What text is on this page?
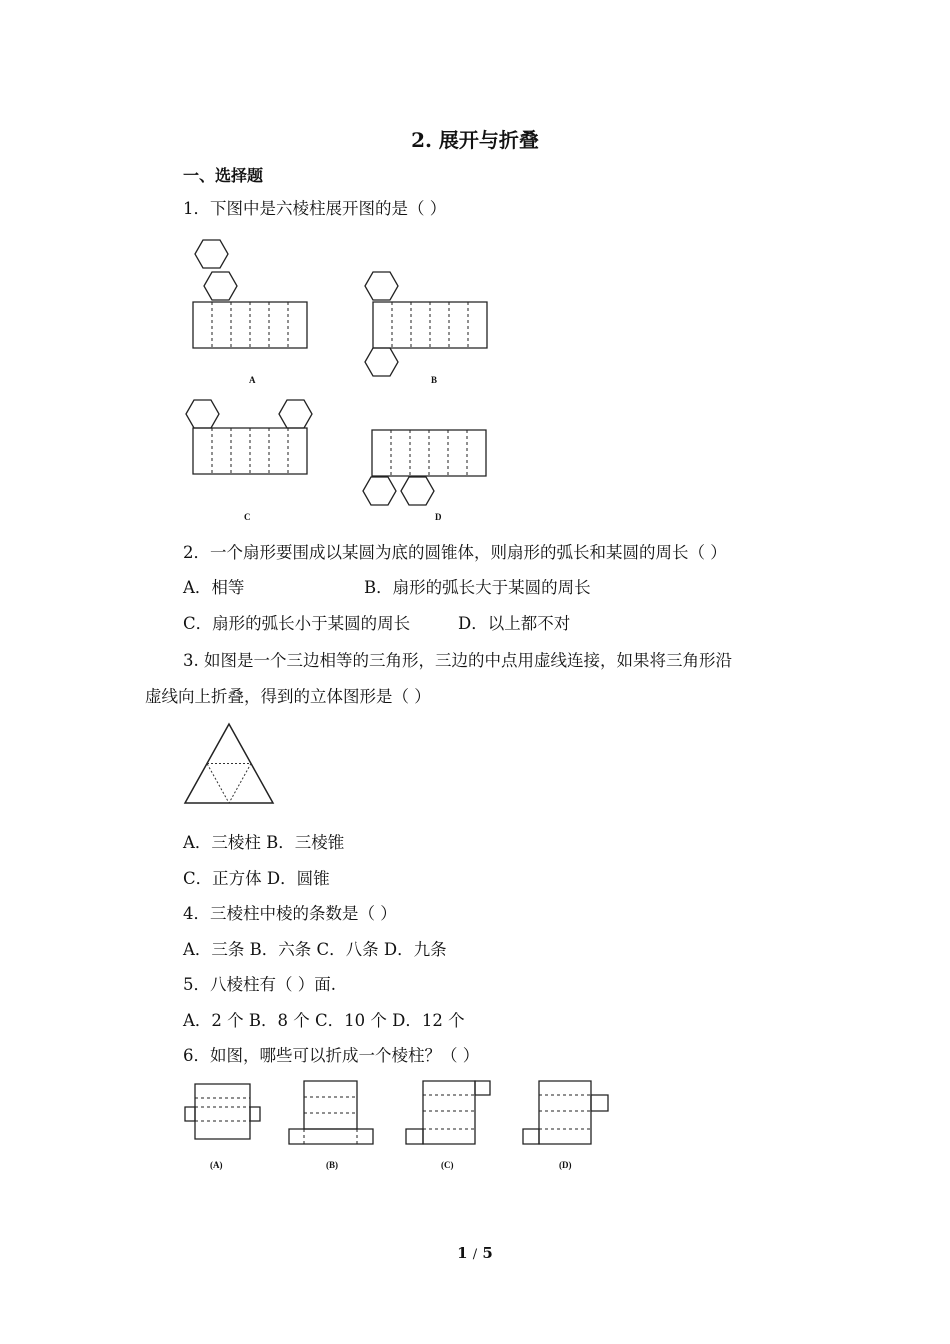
2. 展开与折叠
一、选择题
1．下图中是六棱柱展开图的是（ ）
A	B
C	D
2．一个扇形要围成以某圆为底的圆锥体，则扇形的弧长和某圆的周长（ ）
A．相等	B．扇形的弧长大于某圆的周长
C．扇形的弧长小于某圆的周长	D．以上都不对
3. 如图是一个三边相等的三角形，三边的中点用虚线连接，如果将三角形沿
虚线向上折叠，得到的立体图形是（ ）
A．三棱柱 B．三棱锥
C．正方体 D．圆锥
4．三棱柱中棱的条数是（ ）
A．三条 B．六条 C．八条 D．九条
5．八棱柱有（ ）面.
A．2 个 B．8 个 C．10 个 D．12 个
6．如图，哪些可以折成一个棱柱？（ ）
(A)	(B)	(C)	(D)
1 / 5
